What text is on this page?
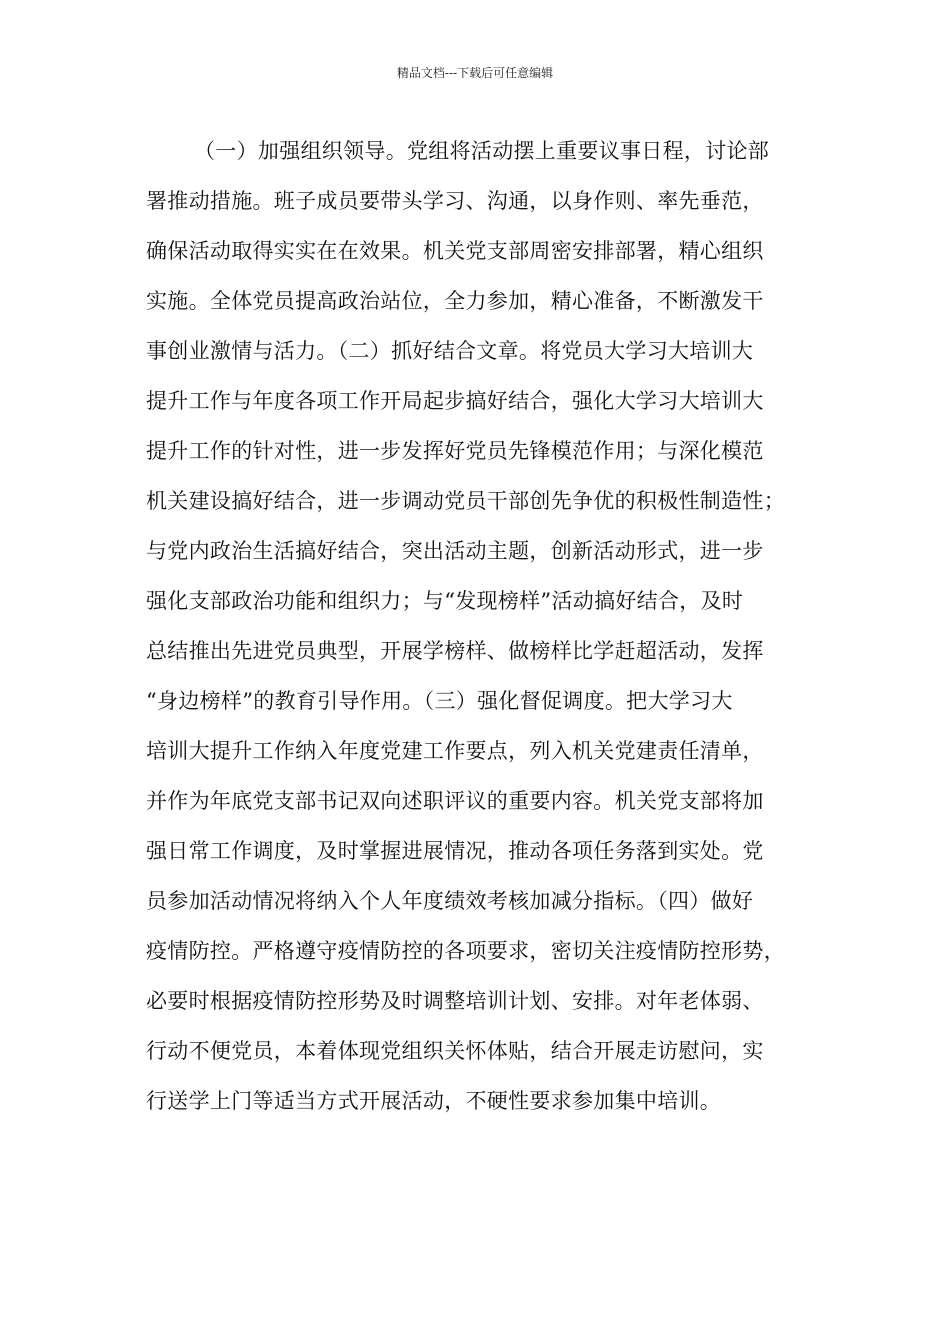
精品文档---下载后可任意编辑
（一）加强组织领导。党组将活动摆上重要议事日程，讨论部
署推动措施。班子成员要带头学习、沟通，以身作则、率先垂范，
确保活动取得实实在在效果。机关党支部周密安排部署，精心组织
实施。全体党员提高政治站位，全力参加，精心准备，不断激发干
事创业激情与活力。（二）抓好结合文章。将党员大学习大培训大
提升工作与年度各项工作开局起步搞好结合，强化大学习大培训大
提升工作的针对性，进一步发挥好党员先锋模范作用；与深化模范
机关建设搞好结合，进一步调动党员干部创先争优的积极性制造性；
与党内政治生活搞好结合，突出活动主题，创新活动形式，进一步
强化支部政治功能和组织力；与“发现榜样”活动搞好结合，及时
总结推出先进党员典型，开展学榜样、做榜样比学赶超活动，发挥
“身边榜样”的教育引导作用。（三）强化督促调度。把大学习大
培训大提升工作纳入年度党建工作要点，列入机关党建责任清单，
并作为年底党支部书记双向述职评议的重要内容。机关党支部将加
强日常工作调度，及时掌握进展情况，推动各项任务落到实处。党
员参加活动情况将纳入个人年度绩效考核加减分指标。（四）做好
疫情防控。严格遵守疫情防控的各项要求，密切关注疫情防控形势，
必要时根据疫情防控形势及时调整培训计划、安排。对年老体弱、
行动不便党员，本着体现党组织关怀体贴，结合开展走访慰问，实
行送学上门等适当方式开展活动，不硬性要求参加集中培训。
